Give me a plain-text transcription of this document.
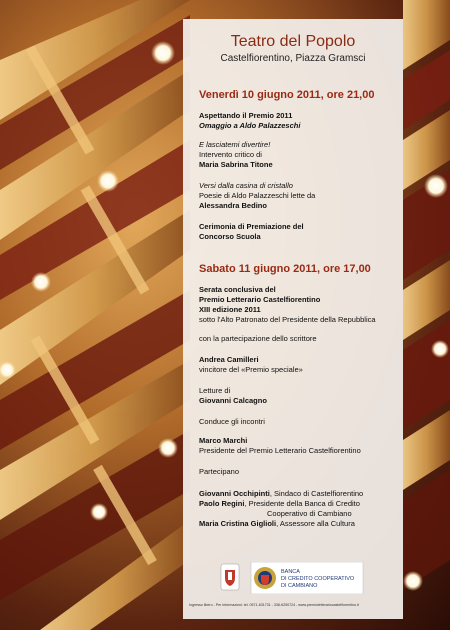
Teatro del Popolo
Castelfiorentino, Piazza Gramsci
Venerdì 10 giugno 2011, ore 21,00
Aspettando il Premio 2011
Omaggio a Aldo Palazzeschi
E lasciatemi divertire!
Intervento critico di
Maria Sabrina Titone
Versi dalla casina di cristallo
Poesie di Aldo Palazzeschi lette da
Alessandra Bedino
Cerimonia di Premiazione del
Concorso Scuola
Sabato 11 giugno 2011, ore 17,00
Serata conclusiva del
Premio Letterario Castelfiorentino
XIII edizione 2011
sotto l'Alto Patronato del Presidente della Repubblica
con la partecipazione dello scrittore
Andrea Camilleri
vincitore del «Premio speciale»
Letture di
Giovanni Calcagno
Conduce gli incontri
Marco Marchi
Presidente del Premio Letterario Castelfiorentino
Partecipano
Giovanni Occhipinti, Sindaco di Castelfiorentino
Paolo Regini, Presidente della Banca di Credito
Cooperativo di Cambiano
Maria Cristina Giglioli, Assessore alla Cultura
BANCA
DI CREDITO COOPERATIVO
DI CAMBIANO
Ingresso libero - Per informazioni: tel. 0571-631731 - 338-6250724 - www.premioletterariocastelfiorentino.it
